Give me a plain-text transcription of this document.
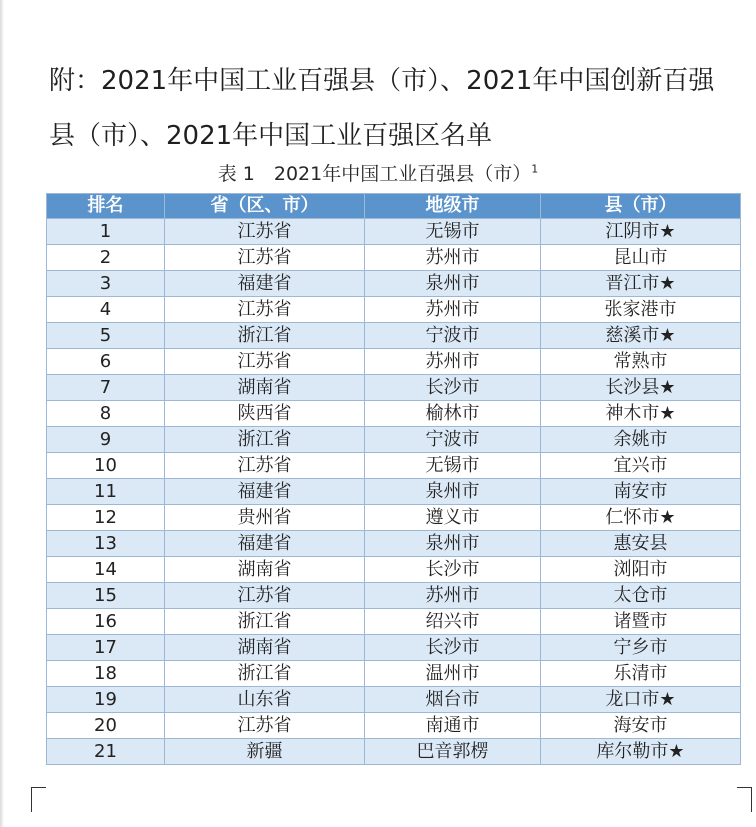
附：2021年中国工业百强县（市）、2021年中国创新百强
县（市）、2021年中国工业百强区名单
表 1　2021年中国工业百强县（市）$^1$
排名	省（区、市）	地级市	县（市）
1	江苏省	无锡市	江阴市★
2	江苏省	苏州市	昆山市
3	福建省	泉州市	晋江市★
4	江苏省	苏州市	张家港市
5	浙江省	宁波市	慈溪市★
6	江苏省	苏州市	常熟市
7	湖南省	长沙市	长沙县★
8	陕西省	榆林市	神木市★
9	浙江省	宁波市	余姚市
10	江苏省	无锡市	宜兴市
11	福建省	泉州市	南安市
12	贵州省	遵义市	仁怀市★
13	福建省	泉州市	惠安县
14	湖南省	长沙市	浏阳市
15	江苏省	苏州市	太仓市
16	浙江省	绍兴市	诸暨市
17	湖南省	长沙市	宁乡市
18	浙江省	温州市	乐清市
19	山东省	烟台市	龙口市★
20	江苏省	南通市	海安市
21	新疆	巴音郭楞	库尔勒市★
